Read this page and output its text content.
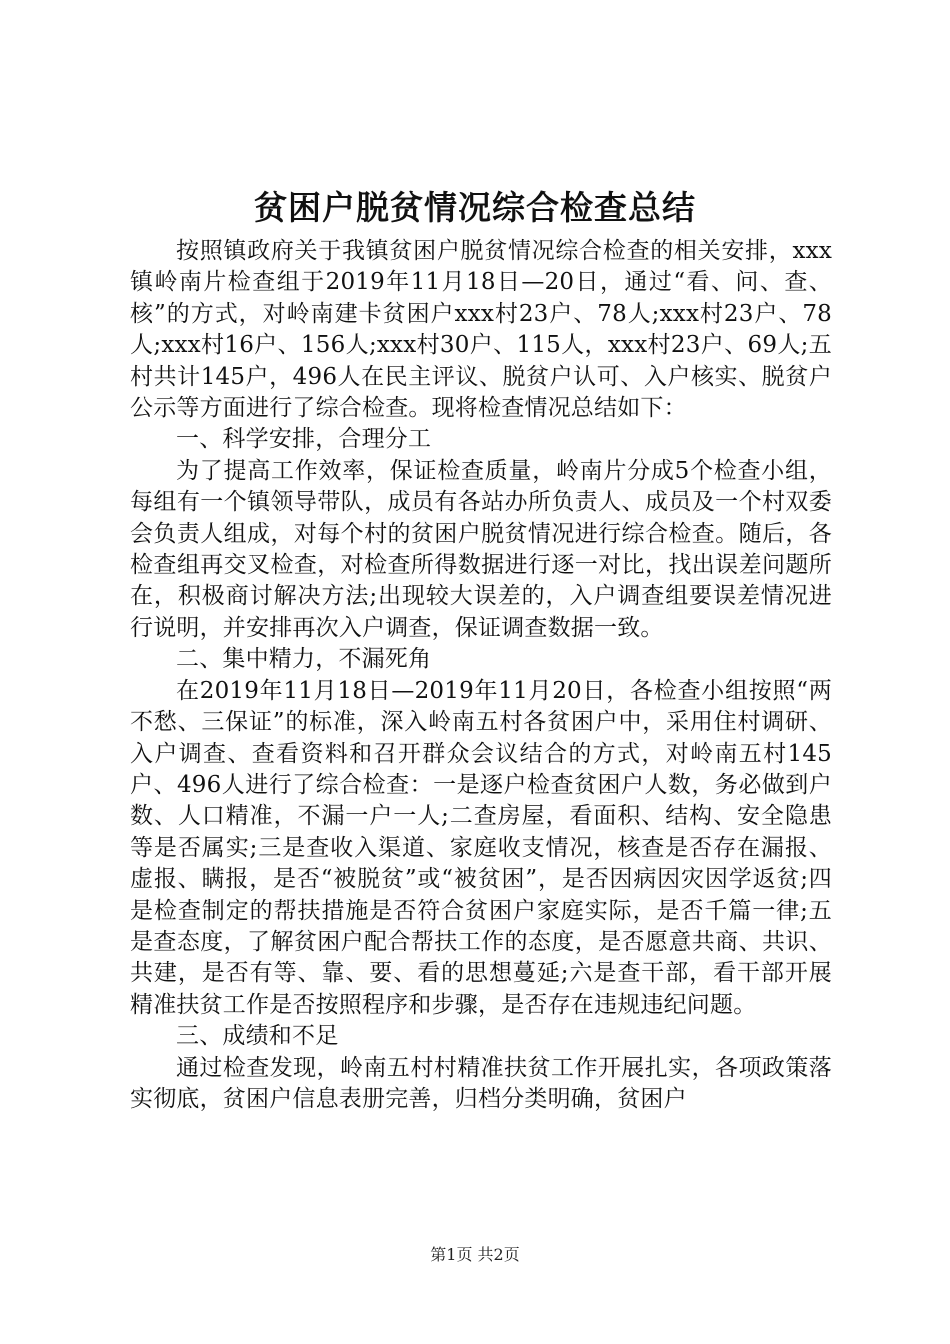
贫困户脱贫情况综合检查总结

按照镇政府关于我镇贫困户脱贫情况综合检查的相关安排，xxx镇岭南片检查组于2019年11月18日—20日，通过“看、问、查、核”的方式，对岭南建卡贫困户xxx村23户、78人;xxx村23户、78人;xxx村16户、156人;xxx村30户、115人，xxx村23户、69人;五村共计145户，496人在民主评议、脱贫户认可、入户核实、脱贫户公示等方面进行了综合检查。现将检查情况总结如下：

一、科学安排，合理分工

为了提高工作效率，保证检查质量，岭南片分成5个检查小组，每组有一个镇领导带队，成员有各站办所负责人、成员及一个村双委会负责人组成，对每个村的贫困户脱贫情况进行综合检查。随后，各检查组再交叉检查，对检查所得数据进行逐一对比，找出误差问题所在，积极商讨解决方法;出现较大误差的，入户调查组要误差情况进行说明，并安排再次入户调查，保证调查数据一致。

二、集中精力，不漏死角

在2019年11月18日—2019年11月20日，各检查小组按照“两不愁、三保证”的标准，深入岭南五村各贫困户中，采用住村调研、入户调查、查看资料和召开群众会议结合的方式，对岭南五村145户、496人进行了综合检查：一是逐户检查贫困户人数，务必做到户数、人口精准，不漏一户一人;二查房屋，看面积、结构、安全隐患等是否属实;三是查收入渠道、家庭收支情况，核查是否存在漏报、虚报、瞒报，是否“被脱贫”或“被贫困”，是否因病因灾因学返贫;四是检查制定的帮扶措施是否符合贫困户家庭实际，是否千篇一律;五是查态度，了解贫困户配合帮扶工作的态度，是否愿意共商、共识、共建，是否有等、靠、要、看的思想蔓延;六是查干部，看干部开展精准扶贫工作是否按照程序和步骤，是否存在违规违纪问题。

三、成绩和不足

通过检查发现，岭南五村村精准扶贫工作开展扎实，各项政策落实彻底，贫困户信息表册完善，归档分类明确，贫困户

第1页 共2页
